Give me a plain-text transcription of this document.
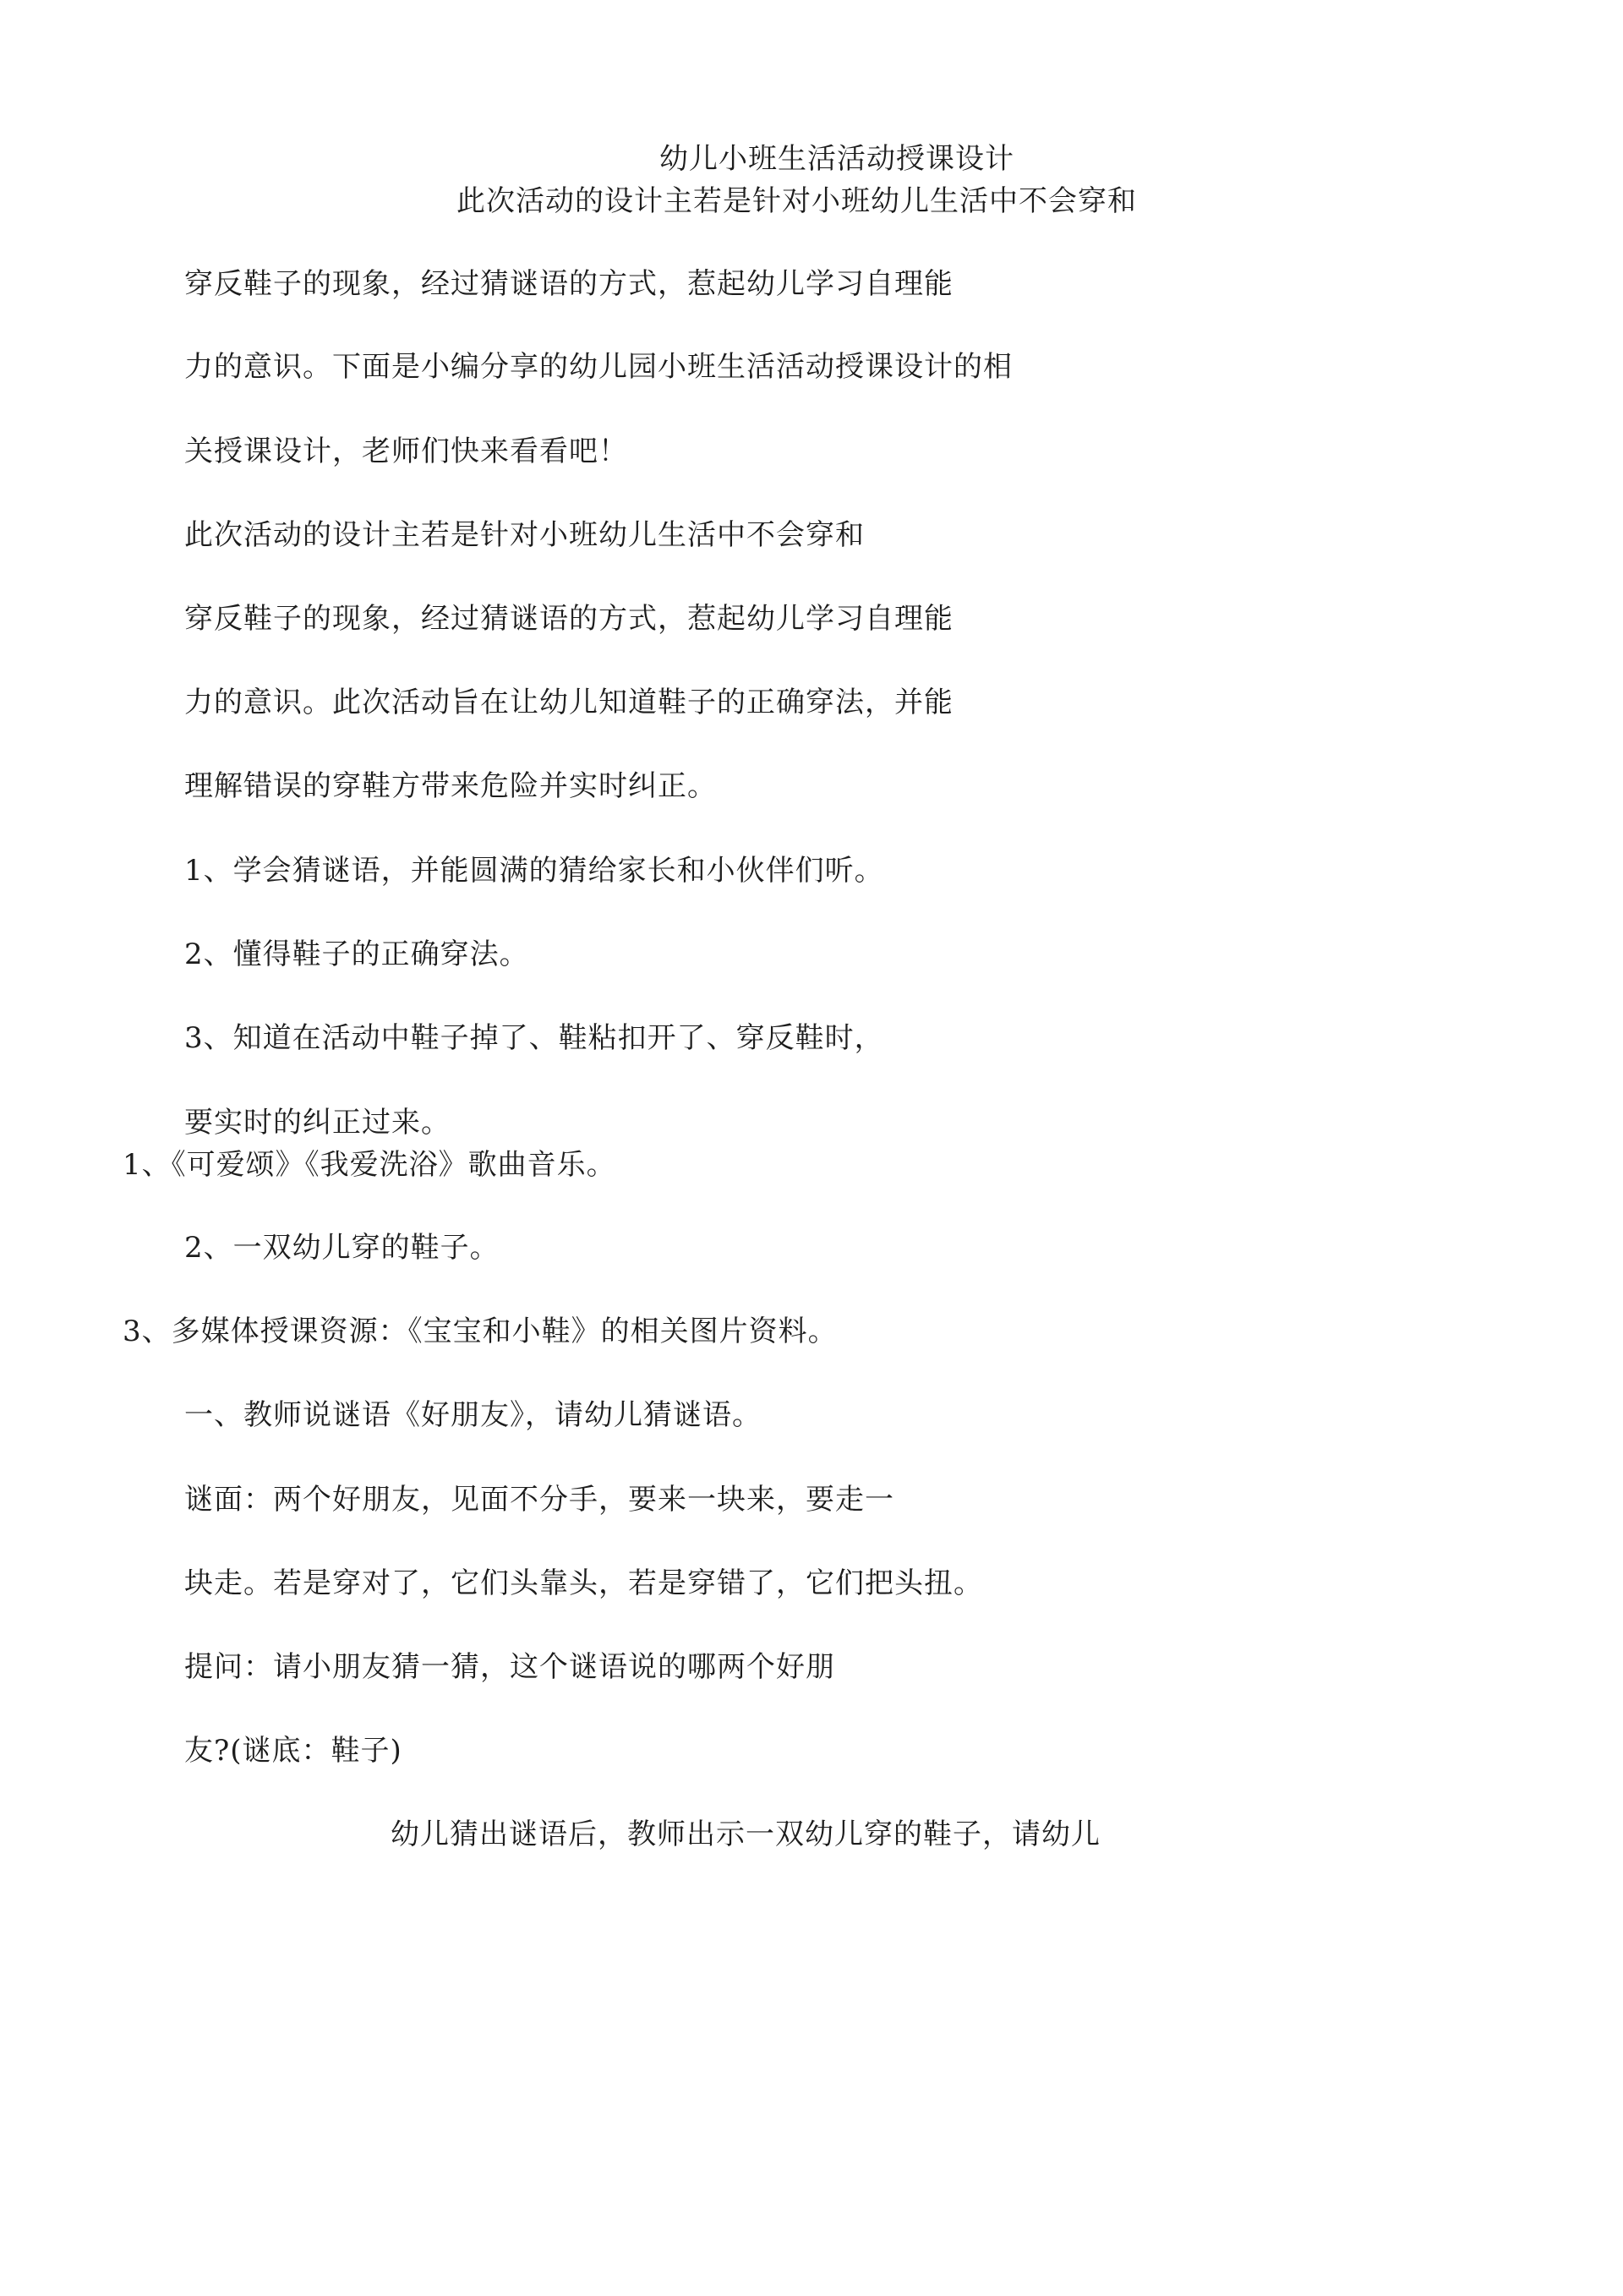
幼儿小班生活活动授课设计
此次活动的设计主若是针对小班幼儿生活中不会穿和
穿反鞋子的现象，经过猜谜语的方式，惹起幼儿学习自理能
力的意识。下面是小编分享的幼儿园小班生活活动授课设计的相
关授课设计，老师们快来看看吧！
此次活动的设计主若是针对小班幼儿生活中不会穿和
穿反鞋子的现象，经过猜谜语的方式，惹起幼儿学习自理能
力的意识。此次活动旨在让幼儿知道鞋子的正确穿法，并能
理解错误的穿鞋方带来危险并实时纠正。
1、学会猜谜语，并能圆满的猜给家长和小伙伴们听。
2、懂得鞋子的正确穿法。
3、知道在活动中鞋子掉了、鞋粘扣开了、穿反鞋时，
要实时的纠正过来。
1、《可爱颂》《我爱洗浴》歌曲音乐。
2、一双幼儿穿的鞋子。
3、多媒体授课资源：《宝宝和小鞋》的相关图片资料。
一、教师说谜语《好朋友》，请幼儿猜谜语。
谜面：两个好朋友，见面不分手，要来一块来，要走一
块走。若是穿对了，它们头靠头，若是穿错了，它们把头扭。
提问：请小朋友猜一猜，这个谜语说的哪两个好朋
友?(谜底：鞋子)
幼儿猜出谜语后，教师出示一双幼儿穿的鞋子，请幼儿
